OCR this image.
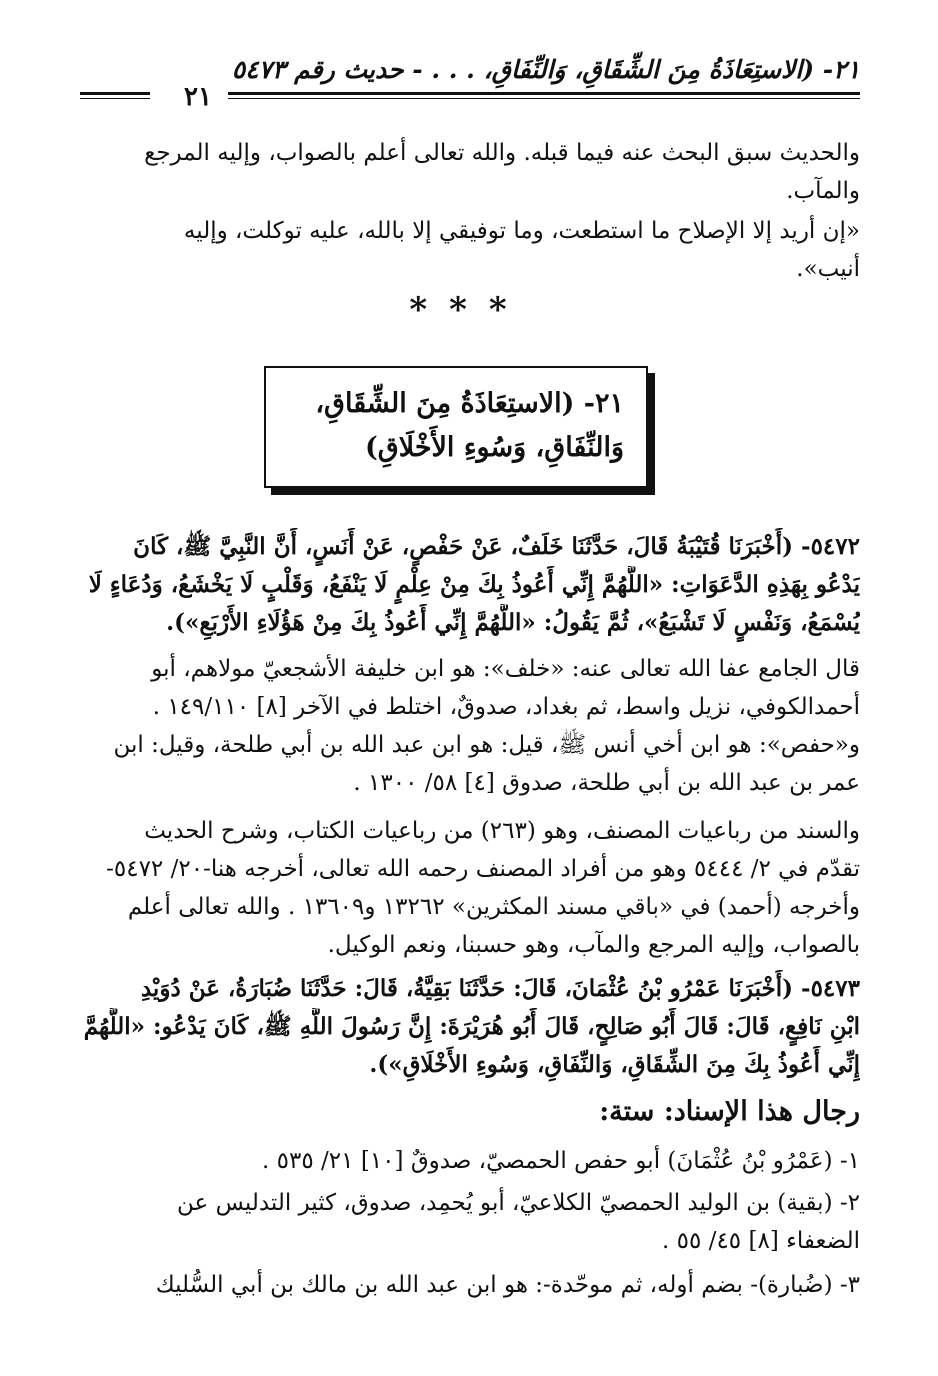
٢١- (الاستِعَاذَةُ مِنَ الشِّقَاقِ، وَالنِّفَاقِ، . . . - حديث رقم ٥٤٧٣
٢١
والحديث سبق البحث عنه فيما قبله. والله تعالى أعلم بالصواب، وإليه المرجع
والمآب.
«إن أريد إلا الإصلاح ما استطعت، وما توفيقي إلا بالله، عليه توكلت، وإليه
أنيب».
***
٢١- (الاستِعَاذَةُ مِنَ الشِّقَاقِ،
وَالنِّفَاقِ، وَسُوءِ الأَخْلَاقِ)
٥٤٧٢- (أَخْبَرَنَا قُتَيْبَةُ قَالَ، حَدَّثَنَا خَلَفٌ، عَنْ حَفْصٍ، عَنْ أَنَسٍ، أَنَّ النَّبِيَّ ﷺ، كَانَ
يَدْعُو بِهَذِهِ الدَّعَوَاتِ: «اللَّهُمَّ إِنِّي أَعُوذُ بِكَ مِنْ عِلْمٍ لَا يَنْفَعُ، وَقَلْبٍ لَا يَخْشَعُ، وَدُعَاءٍ لَا
يُسْمَعُ، وَنَفْسٍ لَا تَشْبَعُ»، ثُمَّ يَقُولُ: «اللَّهُمَّ إِنِّي أَعُوذُ بِكَ مِنْ هَؤُلَاءِ الأَرْبَعِ»).
قال الجامع عفا الله تعالى عنه: «خلف»: هو ابن خليفة الأشجعيّ مولاهم، أبو
أحمدالكوفي، نزيل واسط، ثم بغداد، صدوقٌ، اختلط في الآخر [٨] ١٤٩/١١٠ .
و«حفص»: هو ابن أخي أنس ﷺ، قيل: هو ابن عبد الله بن أبي طلحة، وقيل: ابن
عمر بن عبد الله بن أبي طلحة، صدوق [٤] ٥٨/ ١٣٠٠ .
والسند من رباعيات المصنف، وهو (٢٦٣) من رباعيات الكتاب، وشرح الحديث
تقدّم في ٢/ ٥٤٤٤ وهو من أفراد المصنف رحمه الله تعالى، أخرجه هنا-٢٠/ ٥٤٧٢-
وأخرجه (أحمد) في «باقي مسند المكثرين» ١٣٢٦٢ و١٣٦٠٩ . والله تعالى أعلم
بالصواب، وإليه المرجع والمآب، وهو حسبنا، ونعم الوكيل.
٥٤٧٣- (أَخْبَرَنَا عَمْرُو بْنُ عُثْمَانَ، قَالَ: حَدَّثَنَا بَقِيَّةُ، قَالَ: حَدَّثَنَا ضُبَارَةُ، عَنْ دُوَيْدِ
ابْنِ نَافِعٍ، قَالَ: قَالَ أَبُو صَالِحٍ، قَالَ أَبُو هُرَيْرَةَ: إِنَّ رَسُولَ اللَّهِ ﷺ، كَانَ يَدْعُو: «اللَّهُمَّ
إِنِّي أَعُوذُ بِكَ مِنَ الشِّقَاقِ، وَالنِّفَاقِ، وَسُوءِ الأَخْلَاقِ»).
رجال هذا الإسناد: ستة:
١- (عَمْرُو بْنُ عُثْمَانَ) أبو حفص الحمصيّ، صدوقٌ [١٠] ٢١/ ٥٣٥ .
٢- (بقية) بن الوليد الحمصيّ الكلاعيّ، أبو يُحمِد، صدوق، كثير التدليس عن
الضعفاء [٨] ٤٥/ ٥٥ .
٣- (ضُبارة)- بضم أوله، ثم موحّدة-: هو ابن عبد الله بن مالك بن أبي السُّليك
